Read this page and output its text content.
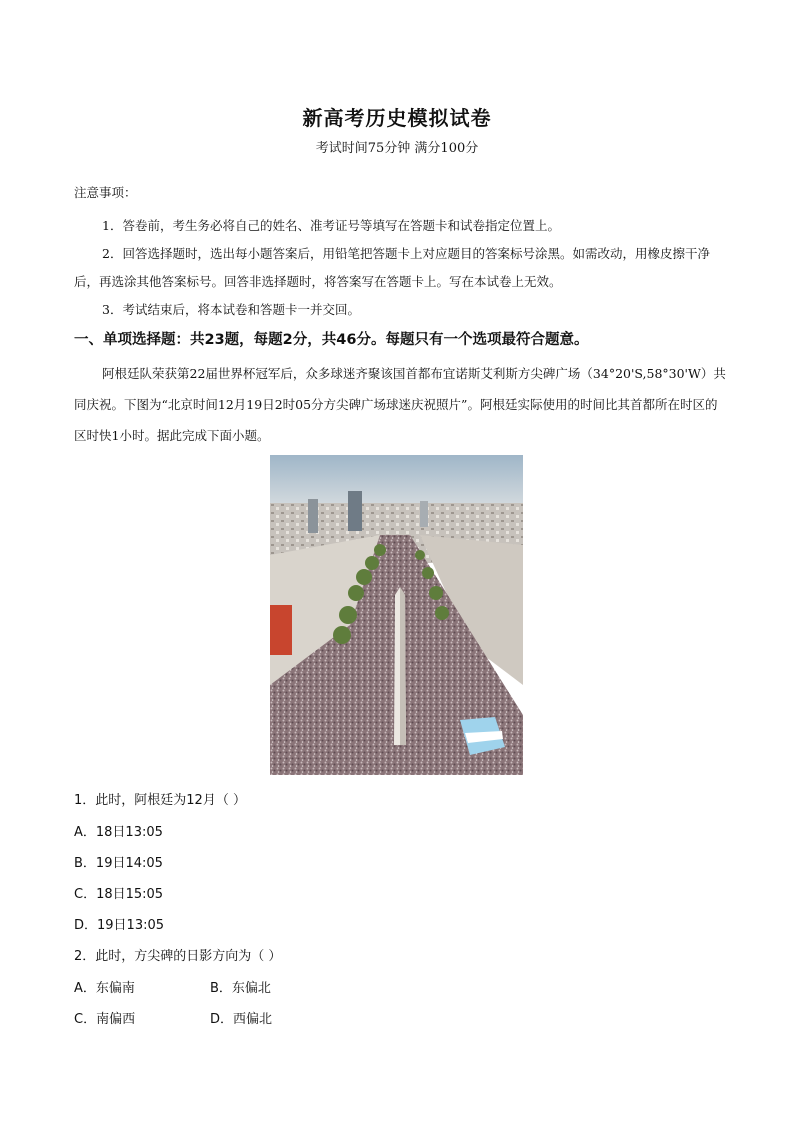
新高考历史模拟试卷
考试时间75分钟 满分100分
注意事项：
1．答卷前，考生务必将自己的姓名、准考证号等填写在答题卡和试卷指定位置上。
2．回答选择题时，选出每小题答案后，用铅笔把答题卡上对应题目的答案标号涂黑。如需改动，用橡皮擦干净后，再选涂其他答案标号。回答非选择题时，将答案写在答题卡上。写在本试卷上无效。
3．考试结束后，将本试卷和答题卡一并交回。
一、单项选择题：共23题，每题2分，共46分。每题只有一个选项最符合题意。
阿根廷队荣获第22届世界杯冠军后，众多球迷齐聚该国首都布宜诺斯艾利斯方尖碑广场（34°20'S,58°30'W）共同庆祝。下图为“北京时间12月19日2时05分方尖碑广场球迷庆祝照片”。阿根廷实际使用的时间比其首都所在时区的区时快1小时。据此完成下面小题。
1．此时，阿根廷为12月（ ）
A．18日13:05
B．19日14:05
C．18日15:05
D．19日13:05
2．此时，方尖碑的日影方向为（ ）
A．东偏南	B．东偏北
C．南偏西	D．西偏北
